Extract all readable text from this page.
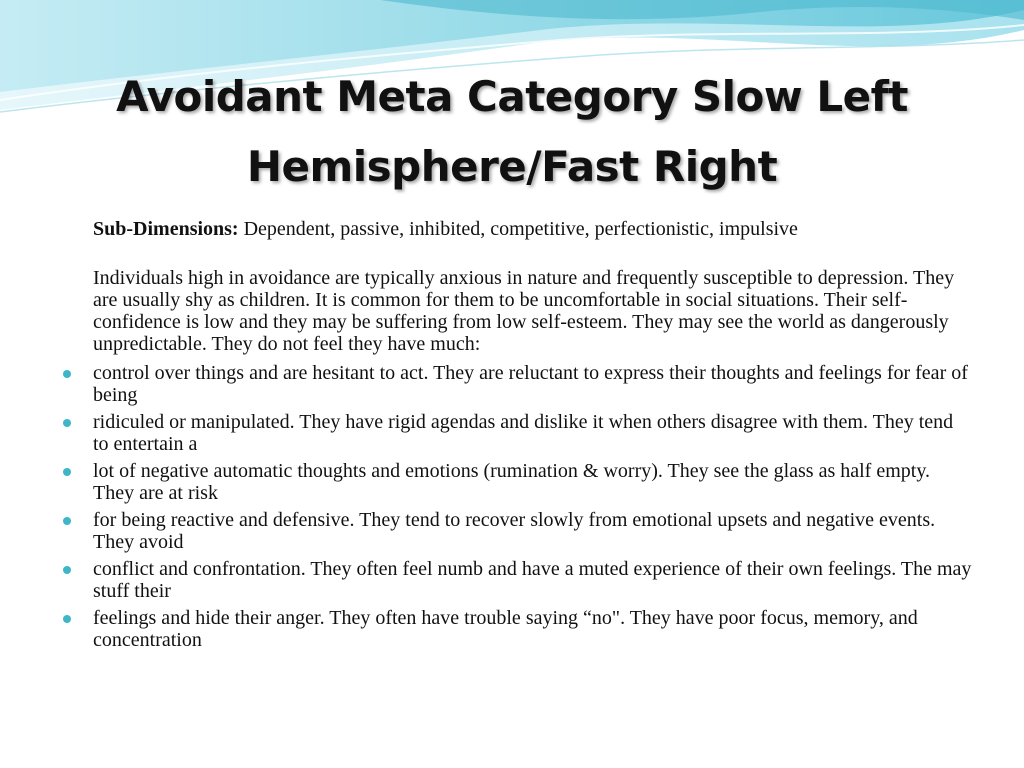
Avoidant Meta Category Slow Left
Hemisphere/Fast Right
Sub-Dimensions: Dependent, passive, inhibited, competitive, perfectionistic, impulsive
Individuals high in avoidance are typically anxious in nature and frequently susceptible to depression. They are usually shy as children. It is common for them to be uncomfortable in social situations. Their self-confidence is low and they may be suffering from low self-esteem. They may see the world as dangerously unpredictable. They do not feel they have much:
control over things and are hesitant to act. They are reluctant to express their thoughts and feelings for fear of being
ridiculed or manipulated. They have rigid agendas and dislike it when others disagree with them. They tend to entertain a
lot of negative automatic thoughts and emotions (rumination & worry). They see the glass as half empty. They are at risk
for being reactive and defensive. They tend to recover slowly from emotional upsets and negative events. They avoid
conflict and confrontation. They often feel numb and have a muted experience of their own feelings. The may stuff their
feelings and hide their anger. They often have trouble saying “no". They have poor focus, memory, and concentration
